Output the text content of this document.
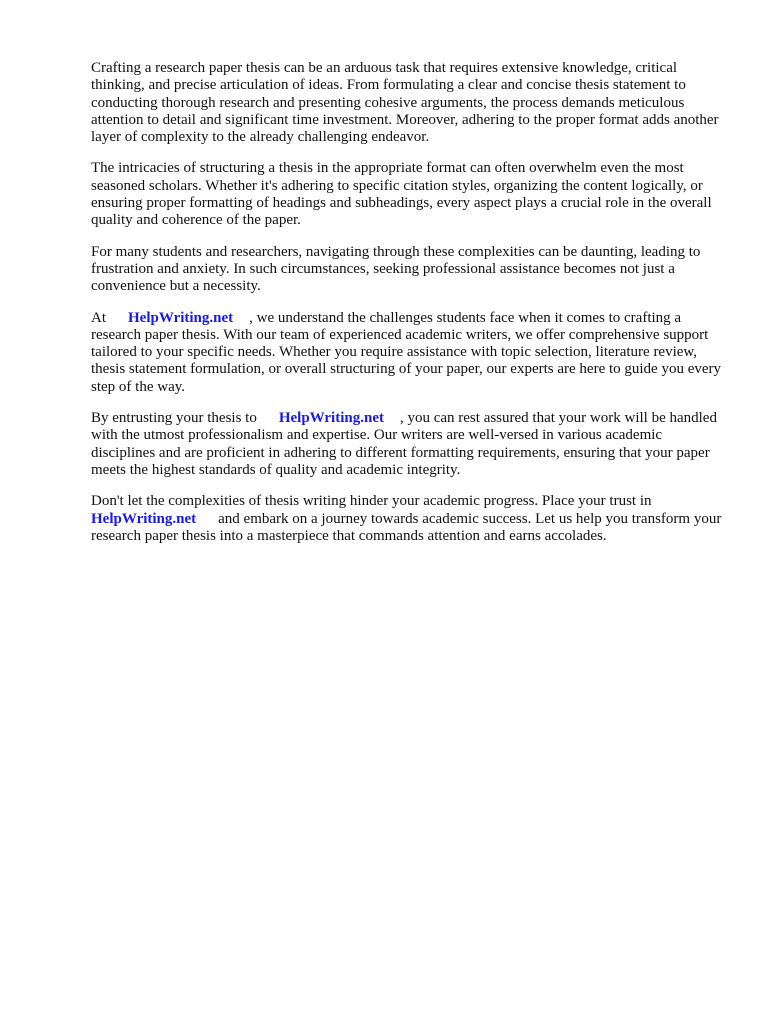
Crafting a research paper thesis can be an arduous task that requires extensive knowledge, critical thinking, and precise articulation of ideas. From formulating a clear and concise thesis statement to conducting thorough research and presenting cohesive arguments, the process demands meticulous attention to detail and significant time investment. Moreover, adhering to the proper format adds another layer of complexity to the already challenging endeavor.

The intricacies of structuring a thesis in the appropriate format can often overwhelm even the most seasoned scholars. Whether it's adhering to specific citation styles, organizing the content logically, or ensuring proper formatting of headings and subheadings, every aspect plays a crucial role in the overall quality and coherence of the paper.

For many students and researchers, navigating through these complexities can be daunting, leading to frustration and anxiety. In such circumstances, seeking professional assistance becomes not just a convenience but a necessity.

At HelpWriting.net , we understand the challenges students face when it comes to crafting a research paper thesis. With our team of experienced academic writers, we offer comprehensive support tailored to your specific needs. Whether you require assistance with topic selection, literature review, thesis statement formulation, or overall structuring of your paper, our experts are here to guide you every step of the way.

By entrusting your thesis to HelpWriting.net , you can rest assured that your work will be handled with the utmost professionalism and expertise. Our writers are well-versed in various academic disciplines and are proficient in adhering to different formatting requirements, ensuring that your paper meets the highest standards of quality and academic integrity.

Don't let the complexities of thesis writing hinder your academic progress. Place your trust in HelpWriting.net and embark on a journey towards academic success. Let us help you transform your research paper thesis into a masterpiece that commands attention and earns accolades.
